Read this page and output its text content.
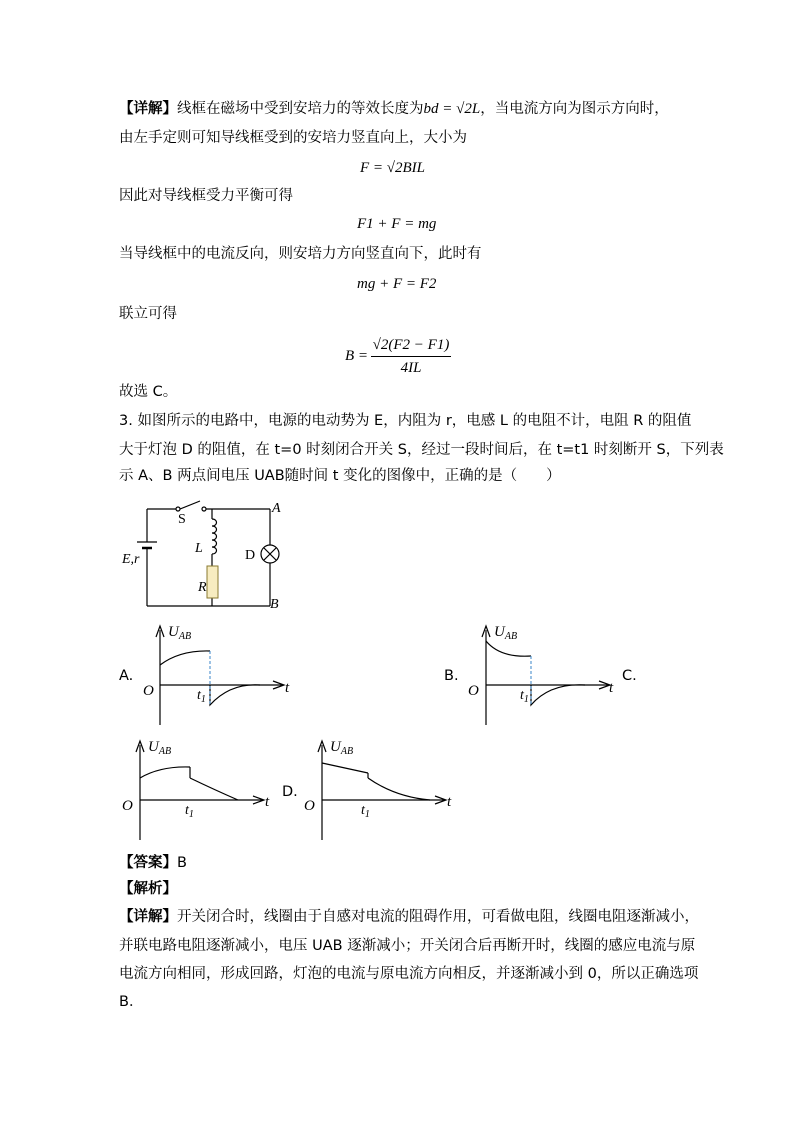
【详解】线框在磁场中受到安培力的等效长度为bd = √2L，当电流方向为图示方向时，
由左手定则可知导线框受到的安培力竖直向上，大小为
F = √2BIL
因此对导线框受力平衡可得
F1 + F = mg
当导线框中的电流反向，则安培力方向竖直向下，此时有
mg + F = F2
联立可得
B =
√2(F2 − F1)
4IL
故选 C。
3. 如图所示的电路中，电源的电动势为 E，内阻为 r，电感 L 的电阻不计，电阻 R 的阻值
大于灯泡 D 的阻值，在 t=0 时刻闭合开关 S，经过一段时间后，在 t=t1 时刻断开 S，下列表
示 A、B 两点间电压 UAB随时间 t 变化的图像中，正确的是（　　）
S
L
R
D
E,r
A
B
$U_{AB}$
O	t
$t_1$
A.
$U_{AB}$
O	t
$t_1$
B.	C.
$U_{AB}$
O	t
$t_1$
$U_{AB}$
O	t
$t_1$
D.
【答案】B
【解析】
【详解】开关闭合时，线圈由于自感对电流的阻碍作用，可看做电阻，线圈电阻逐渐减小，
并联电路电阻逐渐减小，电压 UAB 逐渐减小；开关闭合后再断开时，线圈的感应电流与原
电流方向相同，形成回路，灯泡的电流与原电流方向相反，并逐渐减小到 0，所以正确选项
B．
